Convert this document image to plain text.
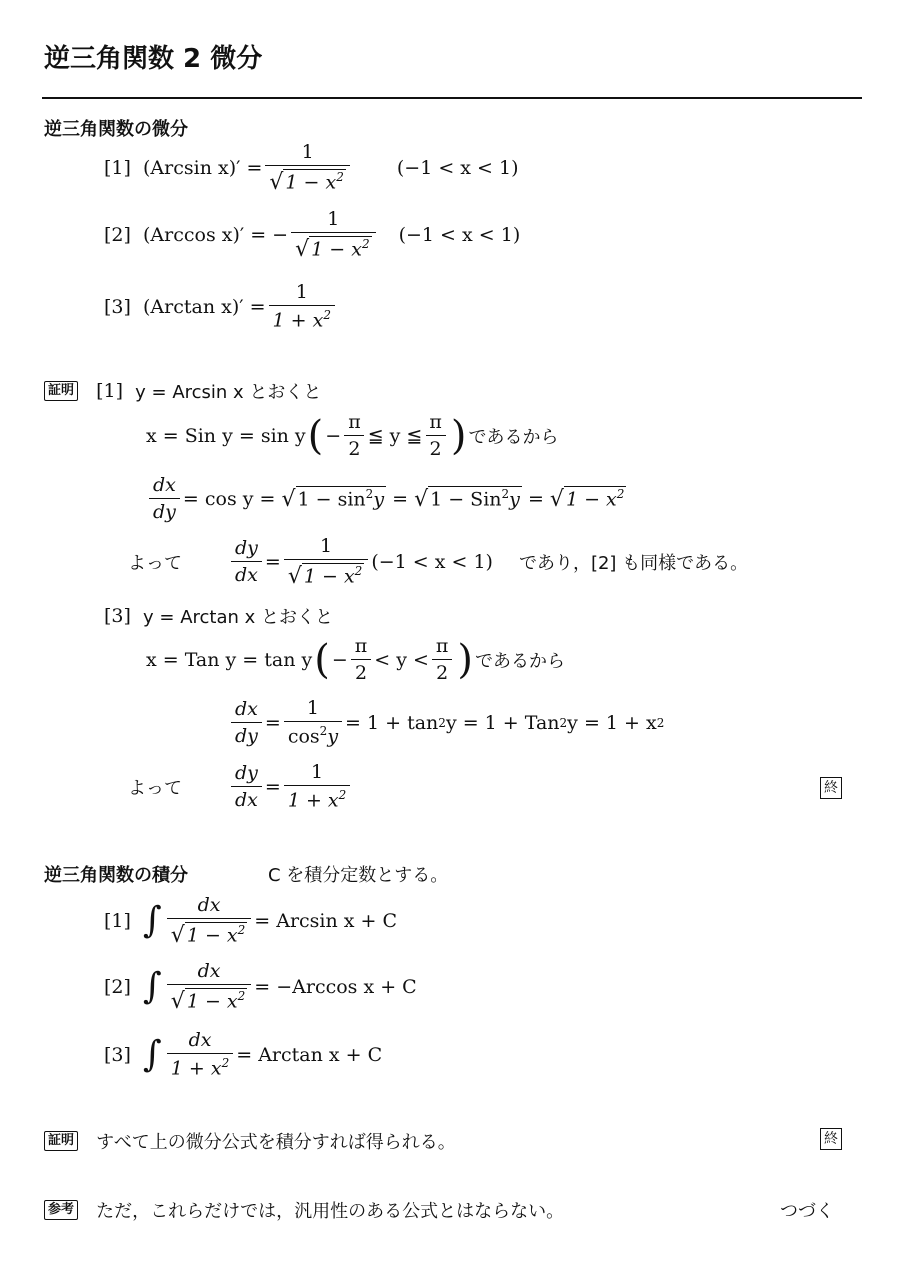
逆三角関数 2 微分
逆三角関数の微分
[1]
(Arcsin $x)' = \frac{1}{√ 1 - x^2} (-1 < x < 1)$
[2]
(Arccos x)′ = − $\frac{1}{√ 1 - x^2} (-1 < x < 1)$
[3]
(Arctan $x)' = \frac{1}{1 + x^2}$
証明
[1]
y = Arcsin x とおくと
x = Sin y = sin y ( − $\frac{\pi}{2}$ ≦ y ≦ $\frac{\pi}{2}$ ) であるから
$\frac{dx}{dy} = \cos y$ =
√ $1 - \sin^2y$
=
√ 1 − Sin$^2$y
=
√ $1 - x^2$
よって	$\frac{dy}{dx} = \frac{1}{√ 1 - x^2} (-1 < x < 1)$ であり，[2] も同様である。
[3]
y = Arctan x とおくと
x = Tan y = tan y ( − $\frac{\pi}{2} < y < \frac{\pi}{2}$ ) であるから
$\frac{dx}{dy} = \frac{1}{\cos^2y} = 1 + \tan 2$ y = 1 + Tan 2 y = 1 + x 2
よって	$\frac{dy}{dx} = \frac{1}{1 + x^2}$	終
逆三角関数の積分	C を積分定数とする。
[1]
∫ $\frac{dx}{√ 1 - x^2} = Arcsin$ x + C
[2]
∫ $\frac{dx}{√ 1 - x^2} = -Arccos$ x + C
[3]
∫ $\frac{dx}{1 + x^2} = Arctan$ x + C
証明
すべて上の微分公式を積分すれば得られる。	終
参考
ただ，これらだけでは，汎用性のある公式とはならない。	つづく
